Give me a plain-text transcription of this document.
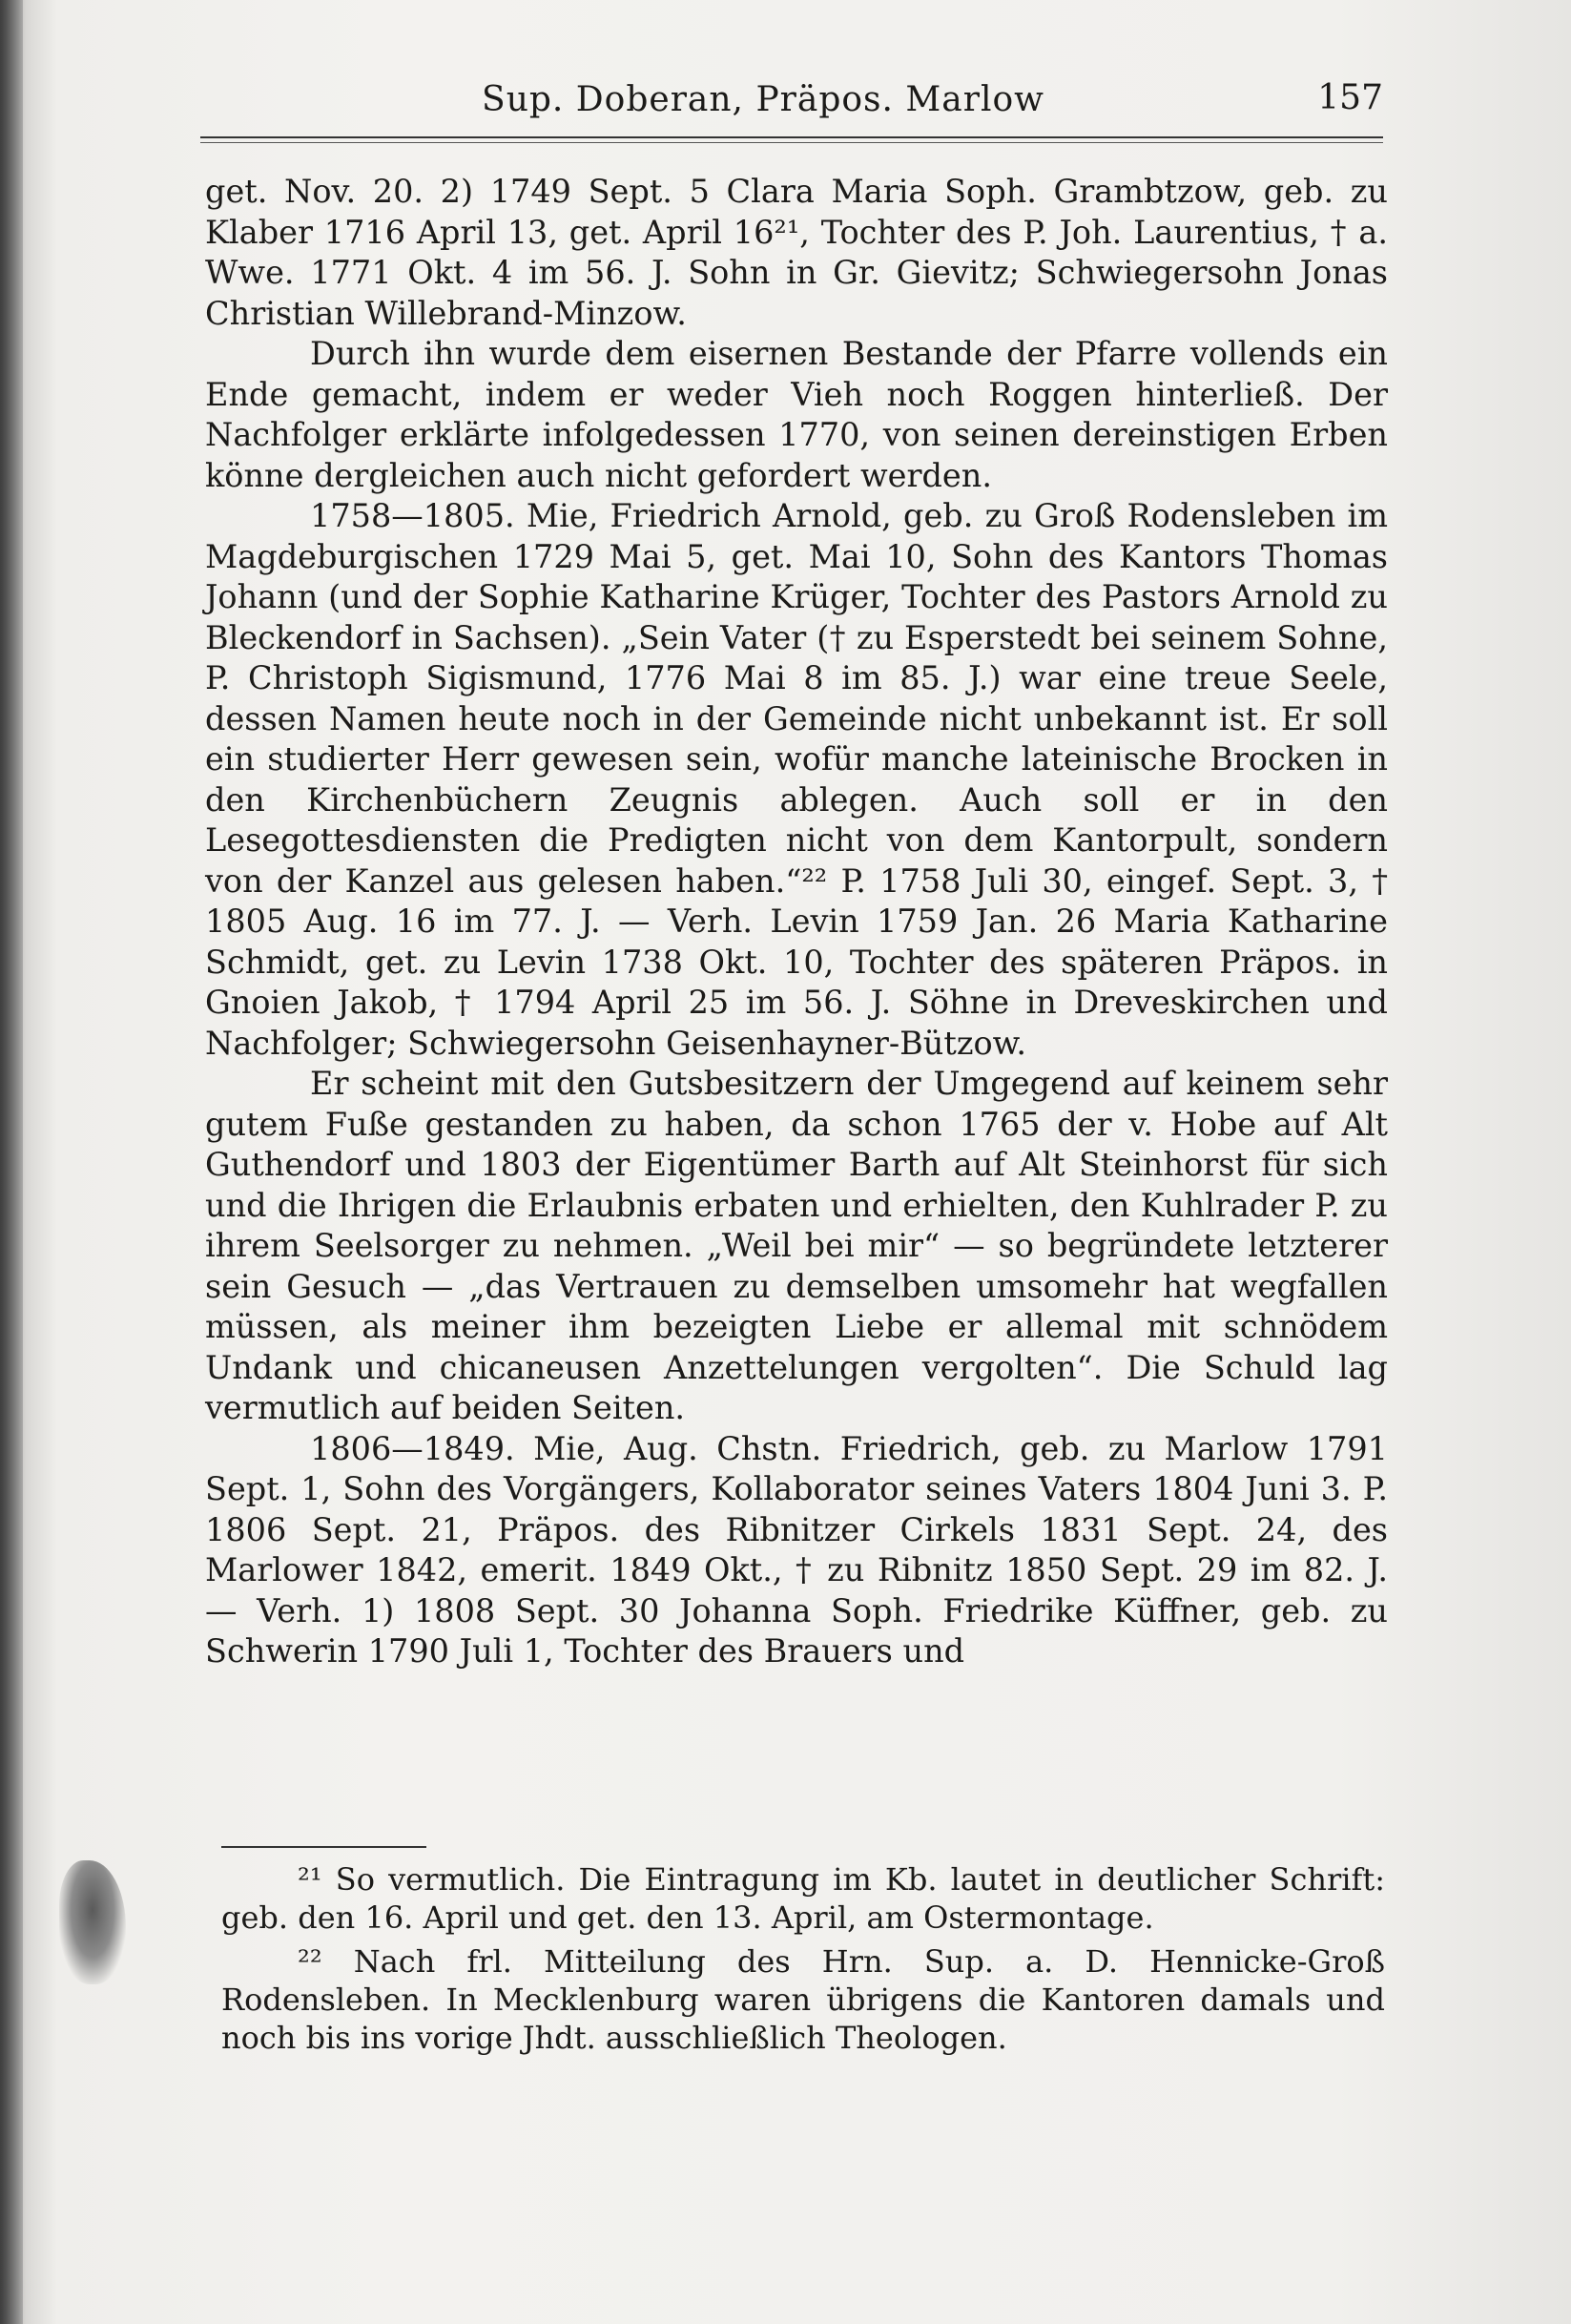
Sup. Doberan, Präpos. Marlow	157

get. Nov. 20. 2) 1749 Sept. 5 Clara Maria Soph. Grambtzow, geb. zu Klaber 1716 April 13, get. April 16²¹, Tochter des P. Joh. Laurentius, † a. Wwe. 1771 Okt. 4 im 56. J. Sohn in Gr. Gievitz; Schwiegersohn Jonas Christian Willebrand-Minzow.

Durch ihn wurde dem eisernen Bestande der Pfarre vollends ein Ende gemacht, indem er weder Vieh noch Roggen hinterließ. Der Nachfolger erklärte infolgedessen 1770, von seinen dereinstigen Erben könne dergleichen auch nicht gefordert werden.

1758—1805. Mie, Friedrich Arnold, geb. zu Groß Rodensleben im Magdeburgischen 1729 Mai 5, get. Mai 10, Sohn des Kantors Thomas Johann (und der Sophie Katharine Krüger, Tochter des Pastors Arnold zu Bleckendorf in Sachsen). „Sein Vater († zu Esperstedt bei seinem Sohne, P. Christoph Sigismund, 1776 Mai 8 im 85. J.) war eine treue Seele, dessen Namen heute noch in der Gemeinde nicht unbekannt ist. Er soll ein studierter Herr gewesen sein, wofür manche lateinische Brocken in den Kirchenbüchern Zeugnis ablegen. Auch soll er in den Lesegottesdiensten die Predigten nicht von dem Kantorpult, sondern von der Kanzel aus gelesen haben.“²² P. 1758 Juli 30, eingef. Sept. 3, † 1805 Aug. 16 im 77. J. — Verh. Levin 1759 Jan. 26 Maria Katharine Schmidt, get. zu Levin 1738 Okt. 10, Tochter des späteren Präpos. in Gnoien Jakob, † 1794 April 25 im 56. J. Söhne in Dreveskirchen und Nachfolger; Schwiegersohn Geisenhayner-Bützow.

Er scheint mit den Gutsbesitzern der Umgegend auf keinem sehr gutem Fuße gestanden zu haben, da schon 1765 der v. Hobe auf Alt Guthendorf und 1803 der Eigentümer Barth auf Alt Steinhorst für sich und die Ihrigen die Erlaubnis erbaten und erhielten, den Kuhlrader P. zu ihrem Seelsorger zu nehmen. „Weil bei mir“ — so begründete letzterer sein Gesuch — „das Vertrauen zu demselben umsomehr hat wegfallen müssen, als meiner ihm bezeigten Liebe er allemal mit schnödem Undank und chicaneusen Anzettelungen vergolten“. Die Schuld lag vermutlich auf beiden Seiten.

1806—1849. Mie, Aug. Chstn. Friedrich, geb. zu Marlow 1791 Sept. 1, Sohn des Vorgängers, Kollaborator seines Vaters 1804 Juni 3. P. 1806 Sept. 21, Präpos. des Ribnitzer Cirkels 1831 Sept. 24, des Marlower 1842, emerit. 1849 Okt., † zu Ribnitz 1850 Sept. 29 im 82. J. — Verh. 1) 1808 Sept. 30 Johanna Soph. Friedrike Küffner, geb. zu Schwerin 1790 Juli 1, Tochter des Brauers und

²¹ So vermutlich. Die Eintragung im Kb. lautet in deutlicher Schrift: geb. den 16. April und get. den 13. April, am Ostermontage.

²² Nach frl. Mitteilung des Hrn. Sup. a. D. Hennicke-Groß Rodensleben. In Mecklenburg waren übrigens die Kantoren damals und noch bis ins vorige Jhdt. ausschließlich Theologen.
